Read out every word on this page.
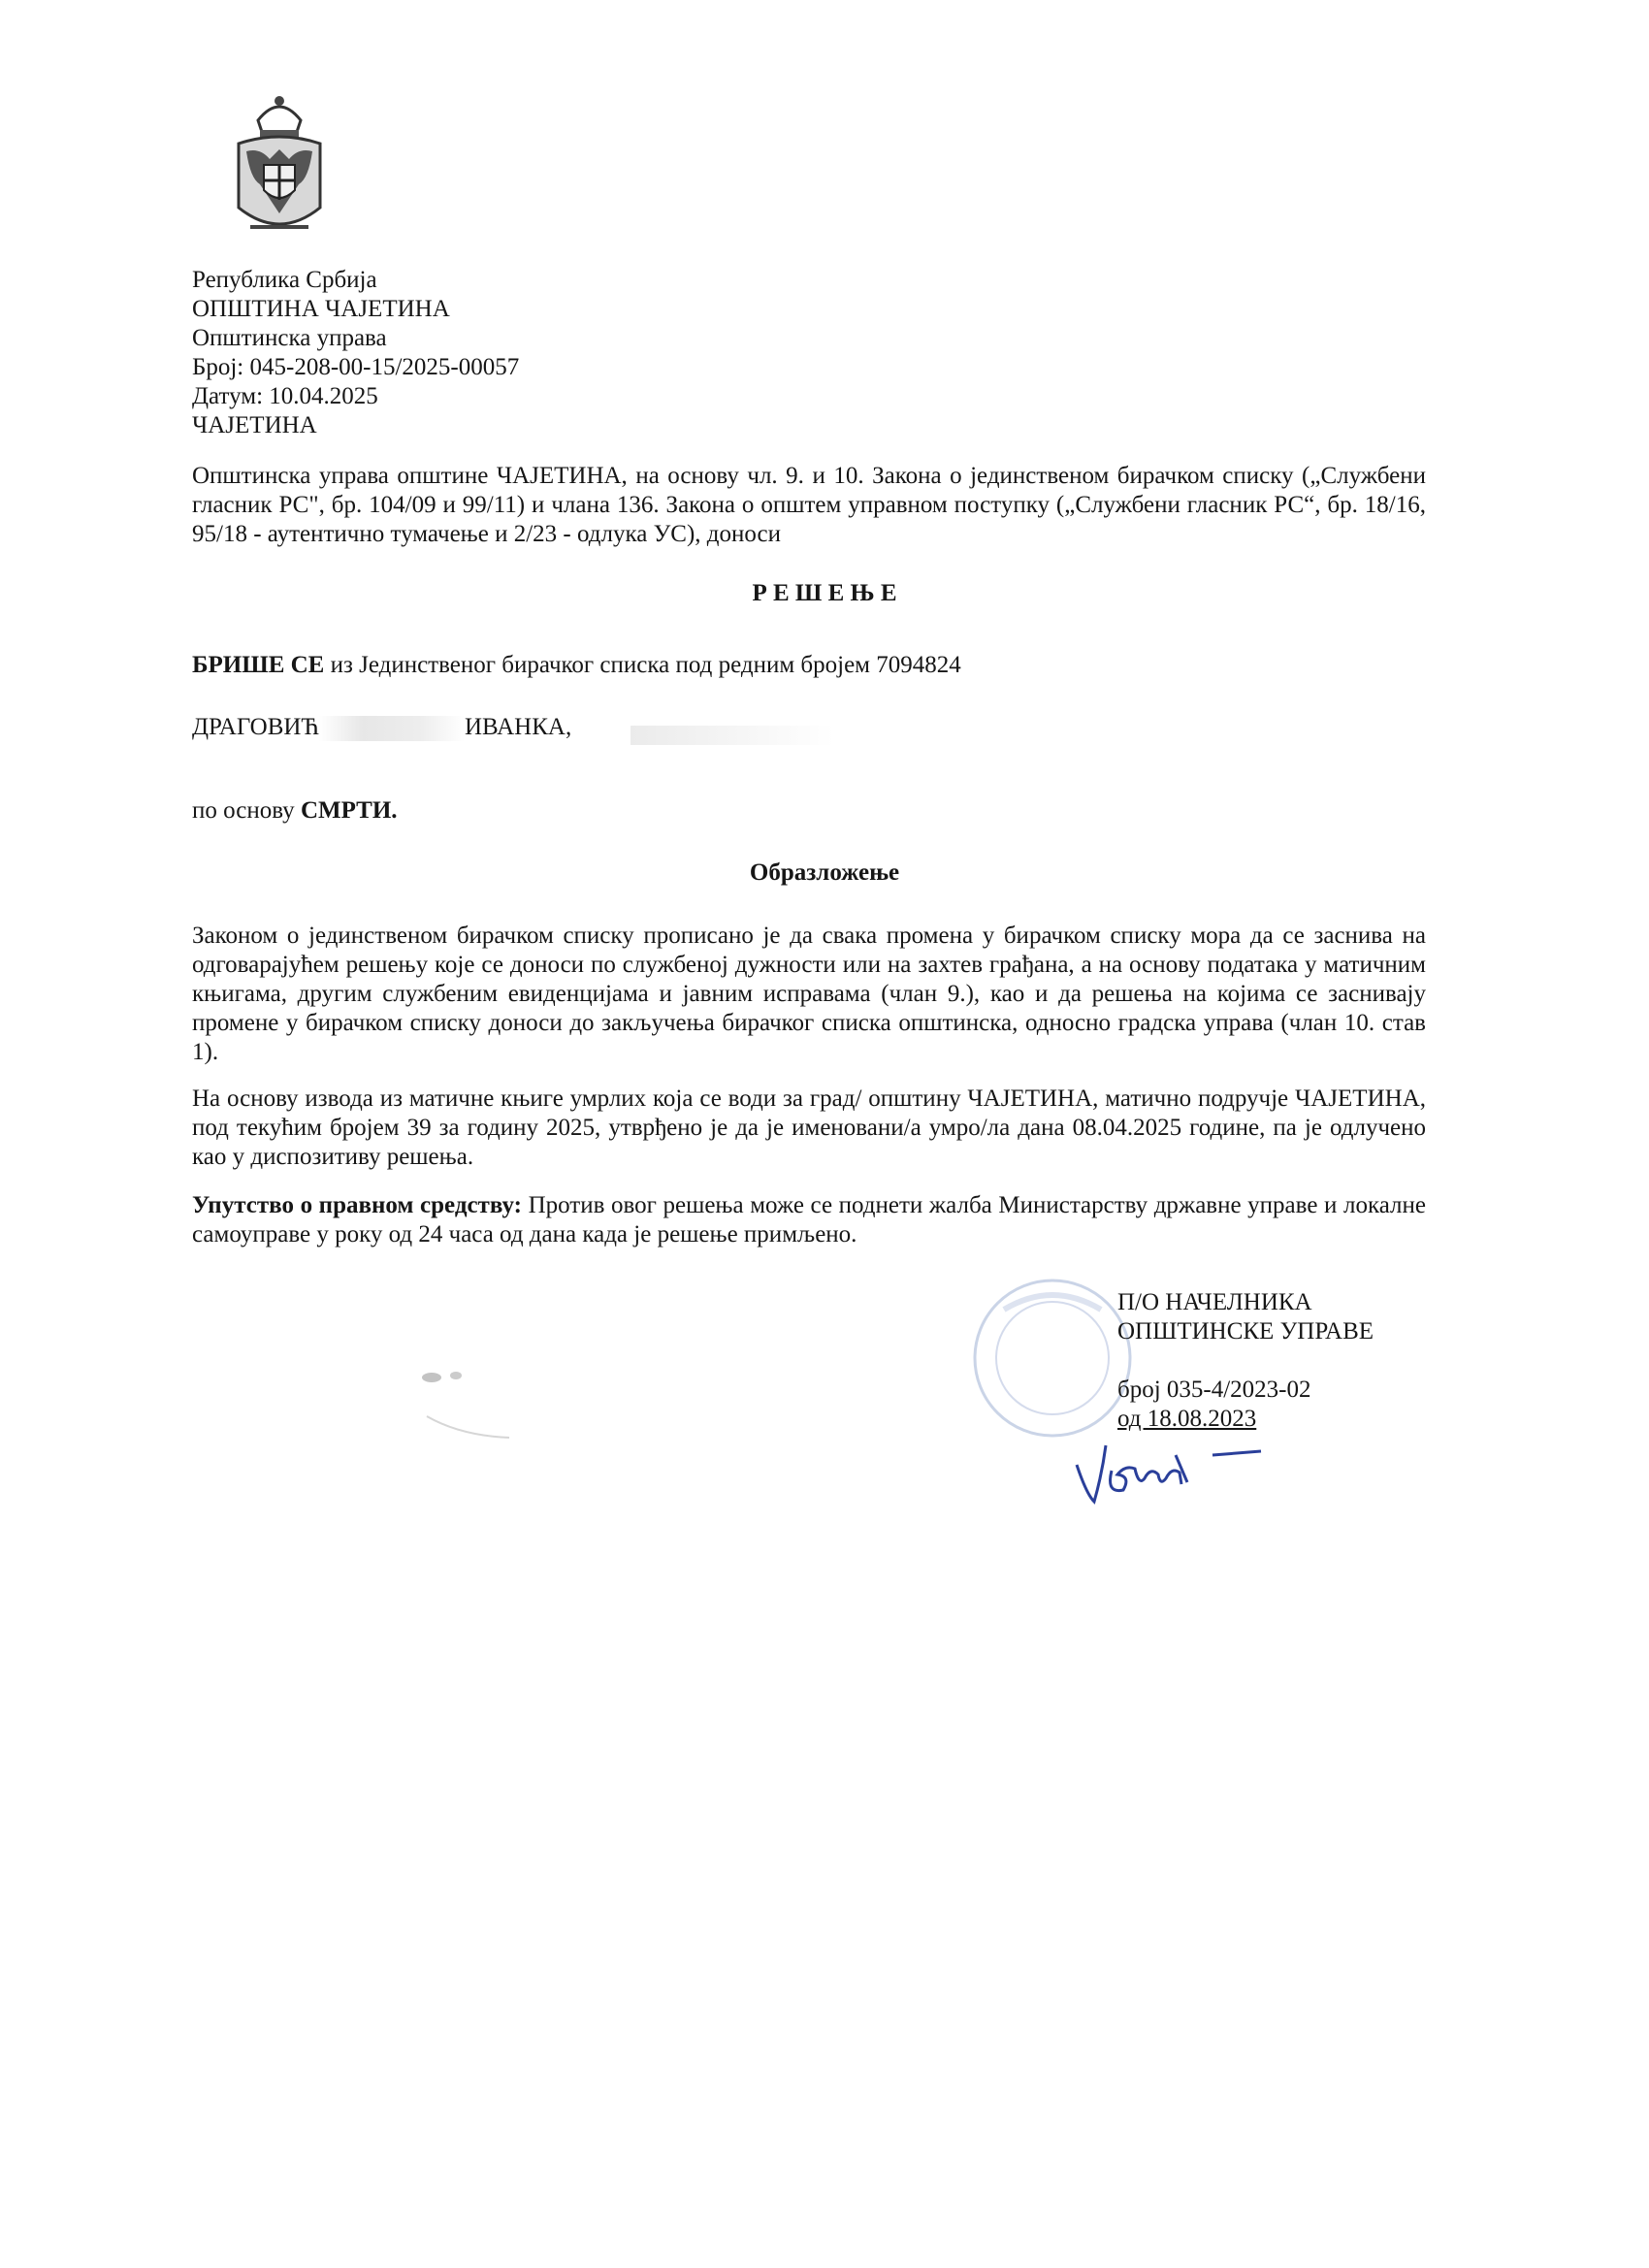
Република Србија
ОПШТИНА ЧАЈЕТИНА
Општинска управа
Број: 045-208-00-15/2025-00057
Датум: 10.04.2025
ЧАЈЕТИНА
Општинска управа општине ЧАЈЕТИНА, на основу чл. 9. и 10. Закона о јединственом бирачком списку („Службени гласник РС", бр. 104/09 и 99/11) и члана 136. Закона о општем управном поступку („Службени гласник РС“, бр. 18/16, 95/18 - аутентично тумачење и 2/23 - одлука УС), доноси
Р Е Ш Е Њ Е
БРИШЕ СЕ из Јединственог бирачког списка под редним бројем 7094824
ДРАГОВИЋ	ИВАНКА,
по основу СМРТИ.
Образложење
Законом о јединственом бирачком списку прописано је да свака промена у бирачком списку мора да се заснива на одговарајућем решењу које се доноси по службеној дужности или на захтев грађана, а на основу података у матичним књигама, другим службеним евиденцијама и јавним исправама (члан 9.), као и да решења на којима се заснивају промене у бирачком списку доноси до закључења бирачког списка општинска, односно градска управа (члан 10. став 1).
На основу извода из матичне књиге умрлих која се води за град/ општину ЧАЈЕТИНА, матично подручје ЧАЈЕТИНА, под текућим бројем 39 за годину 2025, утврђено је да је именовани/а умро/ла дана 08.04.2025 године, па је одлучено као у диспозитиву решења.
Упутство о правном средству: Против овог решења може се поднети жалба Министарству државне управе и локалне самоуправе у року од 24 часа од дана када је решење примљено.
П/О НАЧЕЛНИКА
ОПШТИНСКЕ УПРАВЕ
број 035-4/2023-02
од 18.08.2023
